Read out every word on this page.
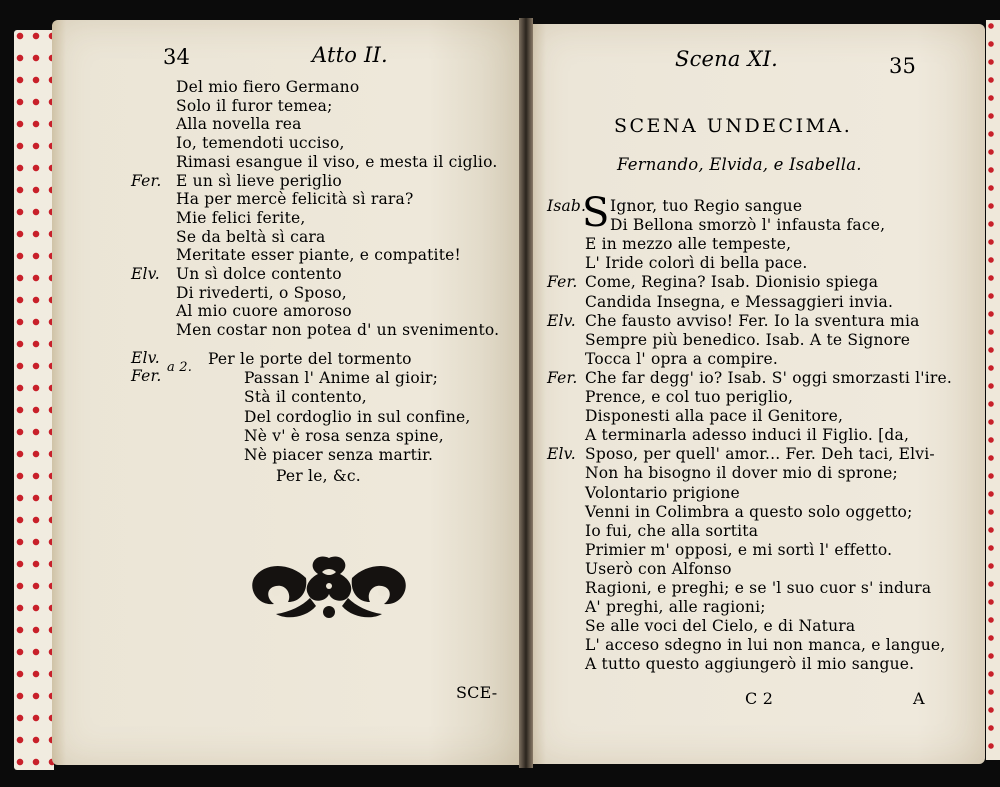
34	Atto II.
Del mio fiero Germano
Solo il furor temea;
Alla novella rea
Io, temendoti ucciso,
Rimasi esangue il viso, e mesta il ciglio.
Fer. E un sì lieve periglio
Ha per mercè felicità sì rara?
Mie felici ferite,
Se da beltà sì cara
Meritate esser piante, e compatite!
Elv. Un sì dolce contento
Di rivederti, o Sposo,
Al mio cuore amoroso
Men costar non potea d' un svenimento.
Elv.
Fer. a 2. Per le porte del tormento
Passan l' Anime al gioir;
Stà il contento,
Del cordoglio in sul confine,
Nè v' è rosa senza spine,
Nè piacer senza martir.
Per le, &c.
SCE-
Scena XI.	35
SCENA UNDECIMA.
Fernando, Elvida, e Isabella.
Isab.
S Ignor, tuo Regio sangue
Di Bellona smorzò l' infausta face,
E in mezzo alle tempeste,
L' Iride colorì di bella pace.
Fer. Come, Regina? Isab. Dionisio spiega
Candida Insegna, e Messaggieri invia.
Elv. Che fausto avviso! Fer. Io la sventura mia
Sempre più benedico. Isab. A te Signore
Tocca l' opra a compire.
Fer. Che far degg' io? Isab. S' oggi smorzasti l'ire.
Prence, e col tuo periglio,
Disponesti alla pace il Genitore,
A terminarla adesso induci il Figlio. [da,
Elv. Sposo, per quell' amor... Fer. Deh taci, Elvi-
Non ha bisogno il dover mio di sprone;
Volontario prigione
Venni in Colimbra a questo solo oggetto;
Io fui, che alla sortita
Primier m' opposi, e mi sortì l' effetto.
Userò con Alfonso
Ragioni, e preghi; e se 'l suo cuor s' indura
A' preghi, alle ragioni;
Se alle voci del Cielo, e di Natura
L' acceso sdegno in lui non manca, e langue,
A tutto questo aggiungerò il mio sangue.
C 2	A
